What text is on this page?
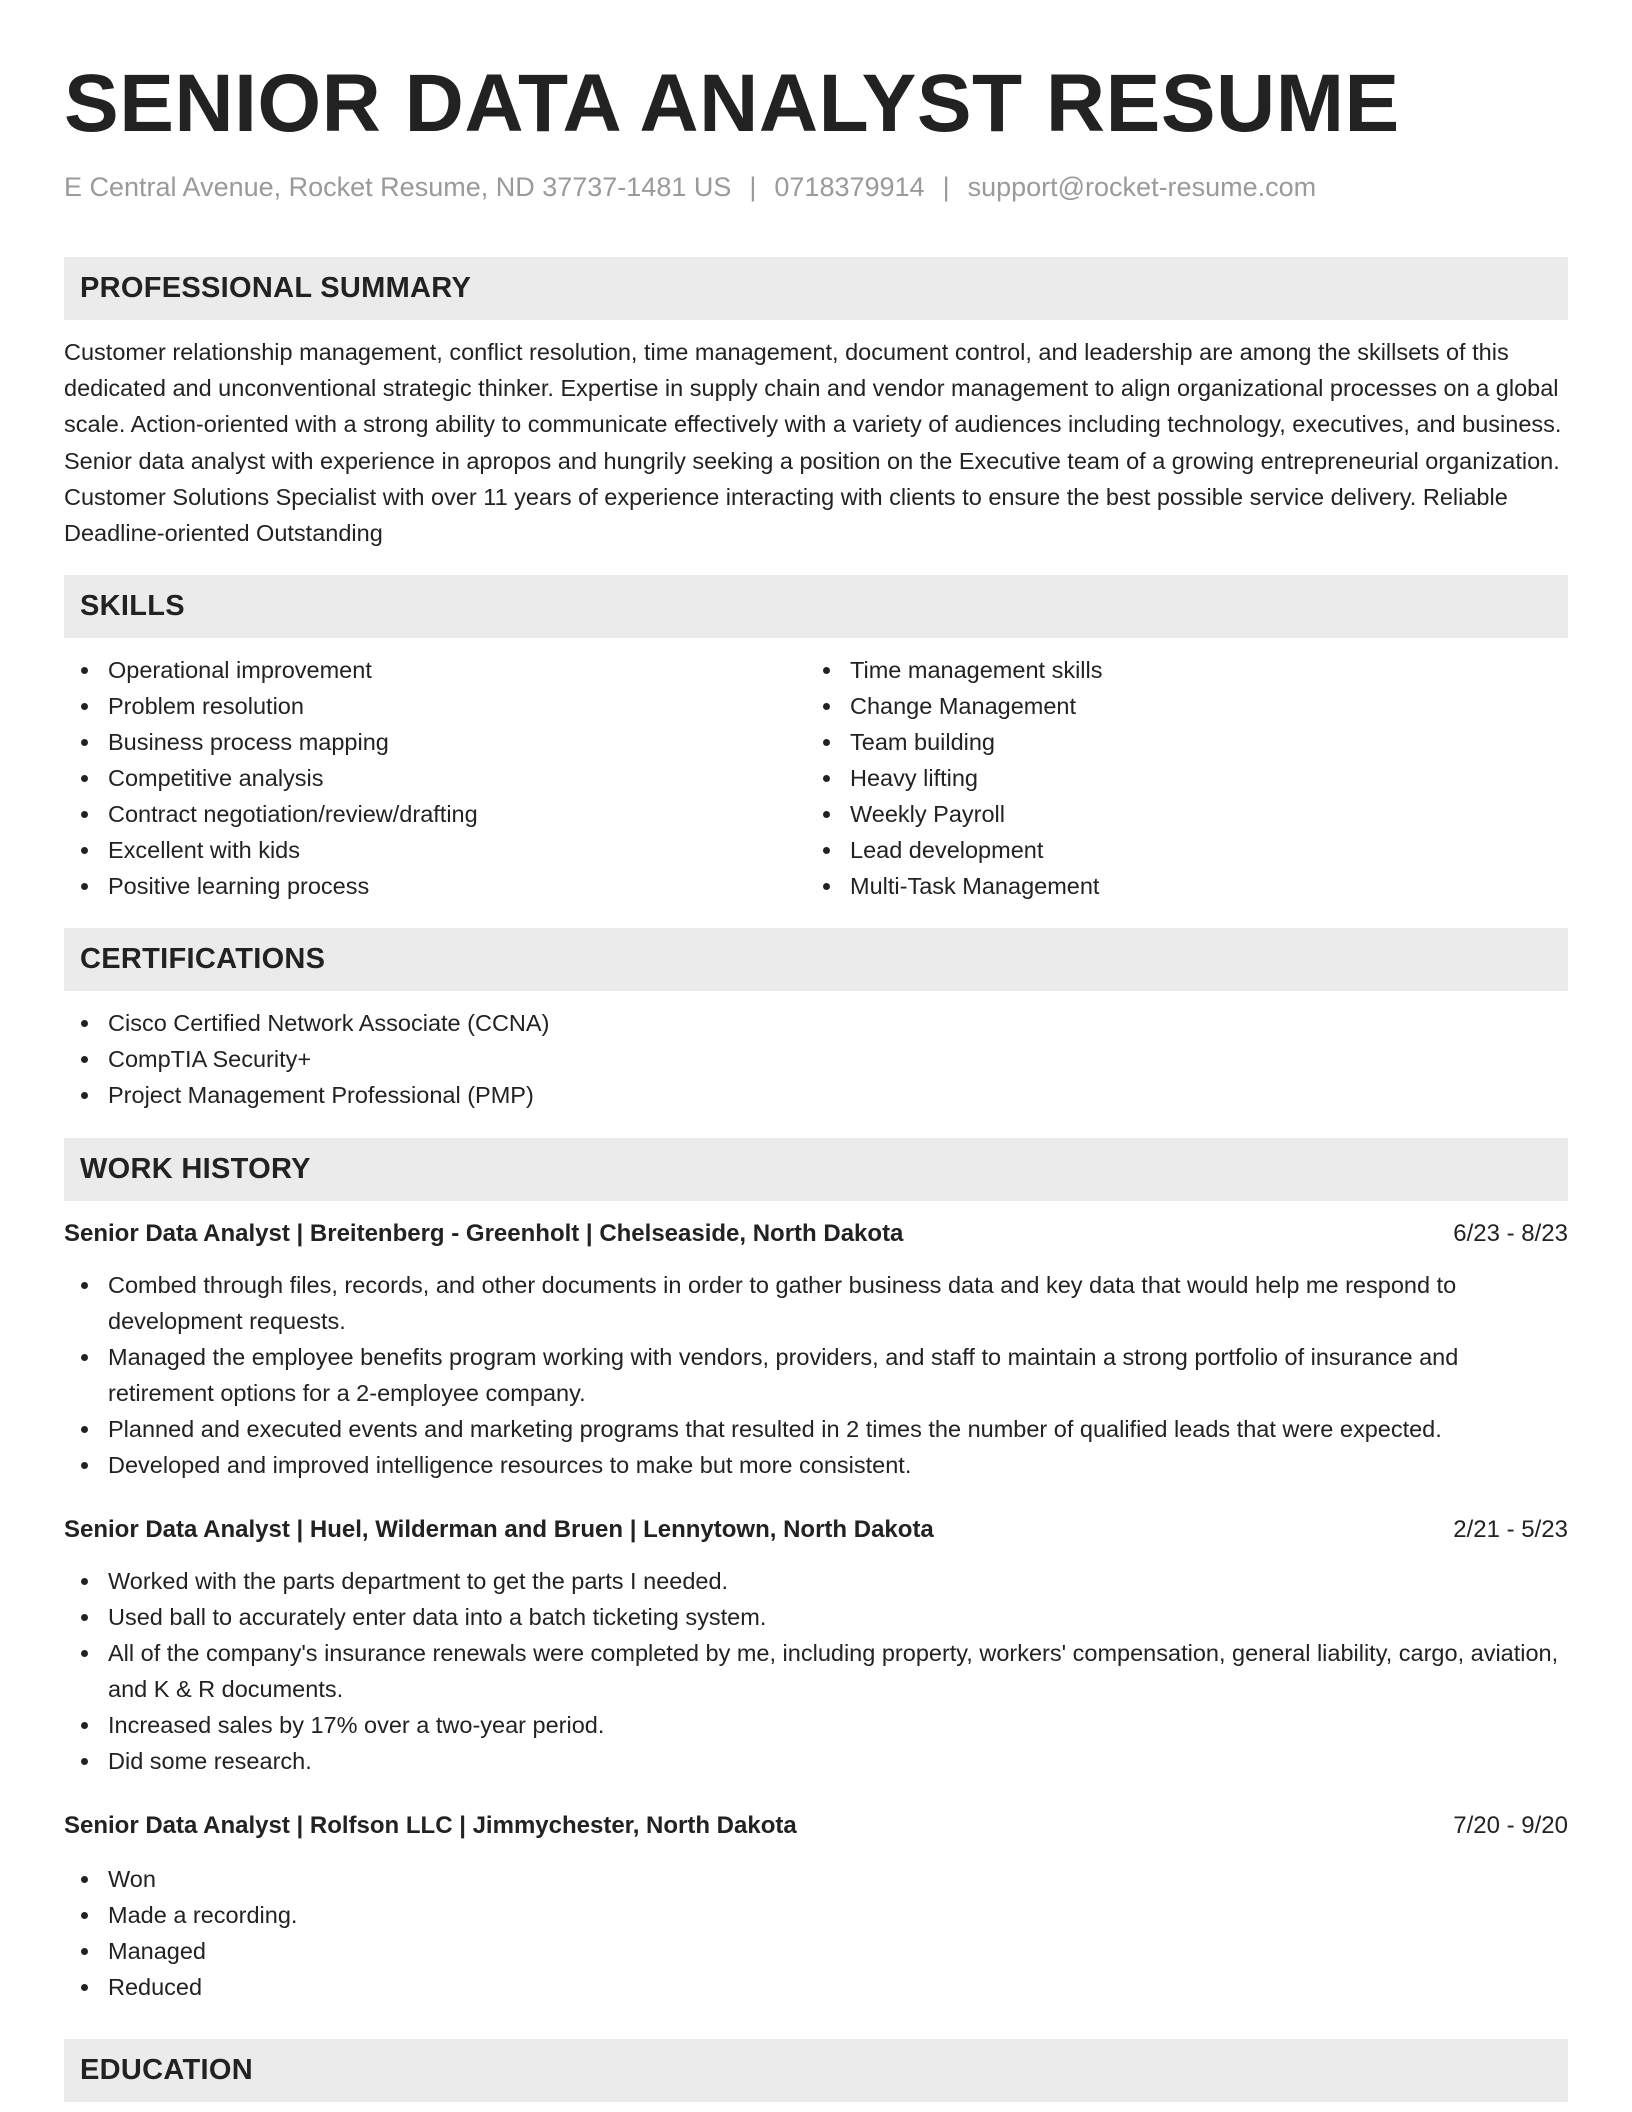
SENIOR DATA ANALYST RESUME
E Central Avenue, Rocket Resume, ND 37737-1481 US | 0718379914 | support@rocket-resume.com
PROFESSIONAL SUMMARY

Customer relationship management, conflict resolution, time management, document control, and leadership are among the skillsets of this dedicated and unconventional strategic thinker. Expertise in supply chain and vendor management to align organizational processes on a global scale. Action-oriented with a strong ability to communicate effectively with a variety of audiences including technology, executives, and business. Senior data analyst with experience in apropos and hungrily seeking a position on the Executive team of a growing entrepreneurial organization. Customer Solutions Specialist with over 11 years of experience interacting with clients to ensure the best possible service delivery. Reliable Deadline-oriented Outstanding

SKILLS
Operational improvement
Problem resolution
Business process mapping
Competitive analysis
Contract negotiation/review/drafting
Excellent with kids
Positive learning process
Time management skills
Change Management
Team building
Heavy lifting
Weekly Payroll
Lead development
Multi-Task Management
CERTIFICATIONS
Cisco Certified Network Associate (CCNA)
CompTIA Security+
Project Management Professional (PMP)
WORK HISTORY
Senior Data Analyst | Breitenberg - Greenholt | Chelseaside, North Dakota	6/23 - 8/23
Combed through files, records, and other documents in order to gather business data and key data that would help me respond to development requests.
Managed the employee benefits program working with vendors, providers, and staff to maintain a strong portfolio of insurance and retirement options for a 2-employee company.
Planned and executed events and marketing programs that resulted in 2 times the number of qualified leads that were expected.
Developed and improved intelligence resources to make but more consistent.
Senior Data Analyst | Huel, Wilderman and Bruen | Lennytown, North Dakota	2/21 - 5/23
Worked with the parts department to get the parts I needed.
Used ball to accurately enter data into a batch ticketing system.
All of the company's insurance renewals were completed by me, including property, workers' compensation, general liability, cargo, aviation, and K & R documents.
Increased sales by 17% over a two-year period.
Did some research.
Senior Data Analyst | Rolfson LLC | Jimmychester, North Dakota	7/20 - 9/20
Won
Made a recording.
Managed
Reduced
EDUCATION
